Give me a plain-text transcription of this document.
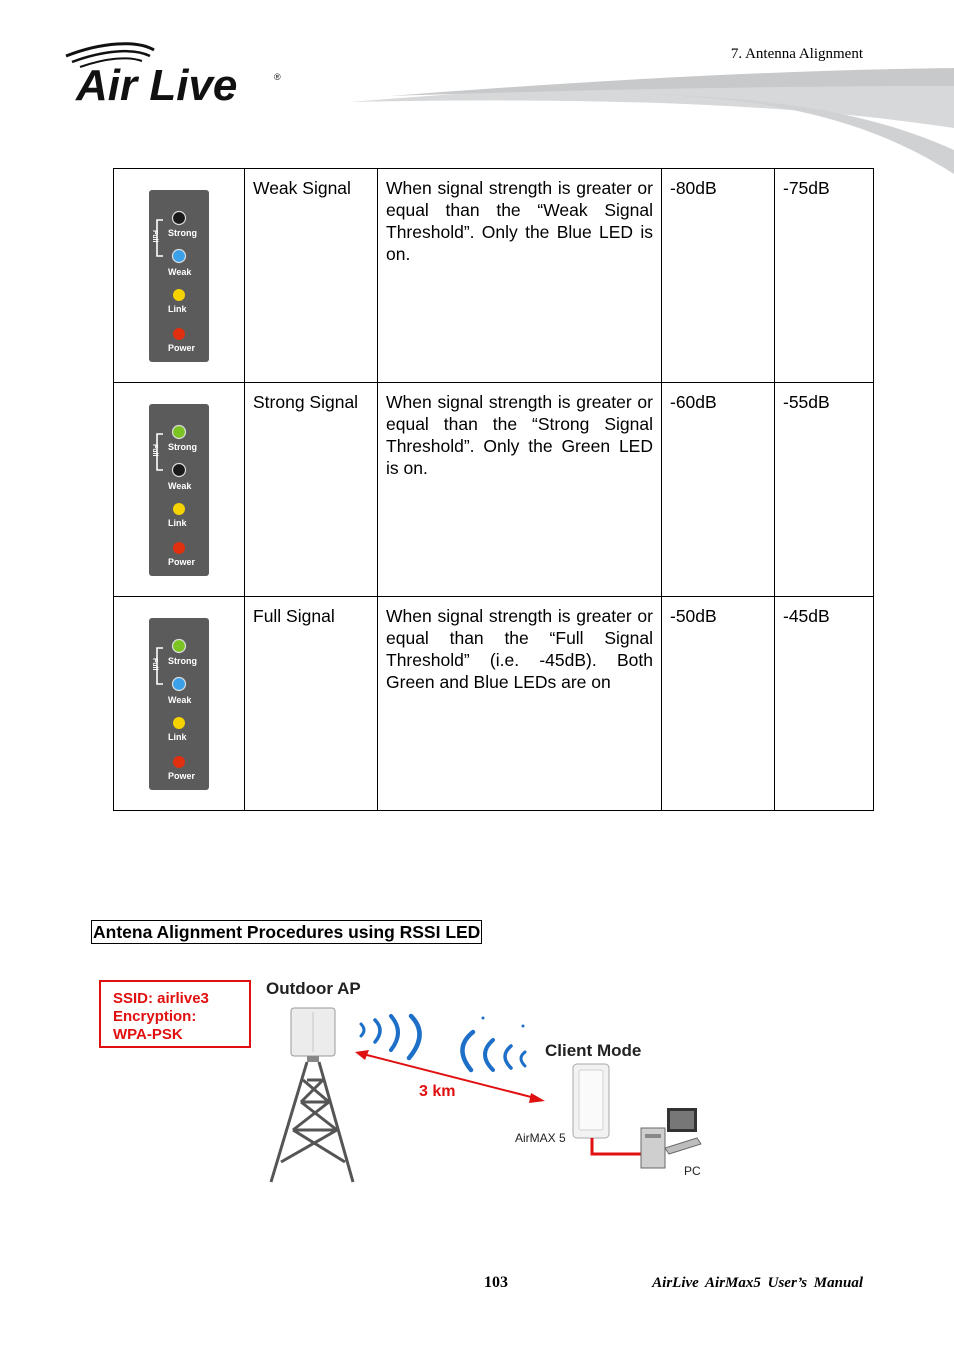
Air Live	®
7. Antenna Alignment
Full Strong
Weak
Link
Power	Weak Signal	When signal strength is greater or equal than the “Weak Signal Threshold”. Only the Blue LED is on.	-80dB	-75dB

Full Strong
Weak
Link
Power	Strong Signal	When signal strength is greater or equal than the “Strong Signal Threshold”. Only the Green LED is on.	-60dB	-55dB

Full Strong
Weak
Link
Power	Full Signal	When signal strength is greater or equal than the “Full Signal Threshold” (i.e. -45dB). Both Green and Blue LEDs are on	-50dB	-45dB
Antena Alignment Procedures using RSSI LED
SSID: airlive3
Encryption:
WPA-PSK
Outdoor AP
3 km
Client Mode
AirMAX 5
PC
103	AirLive AirMax5 User’s Manual
